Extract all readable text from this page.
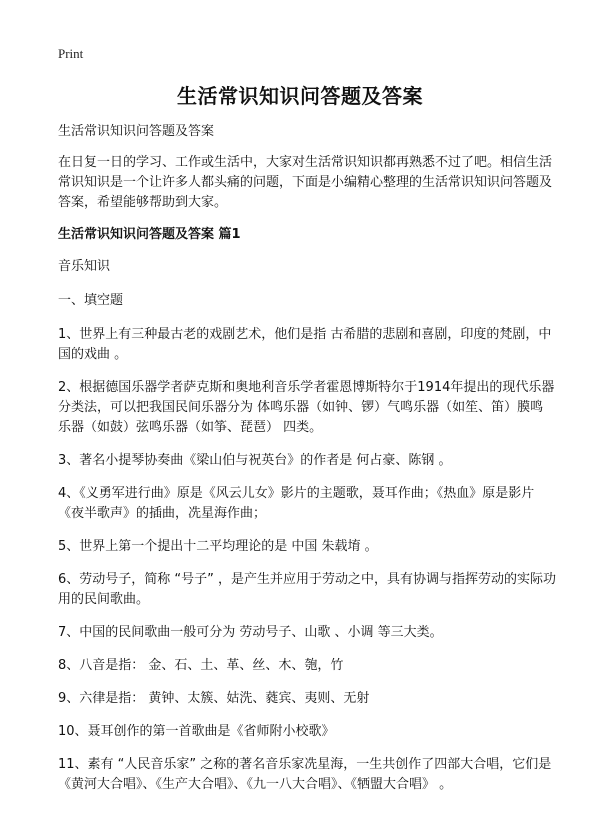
Print
生活常识知识问答题及答案

生活常识知识问答题及答案

在日复一日的学习、工作或生活中，大家对生活常识知识都再熟悉不过了吧。相信生活常识知识是一个让许多人都头痛的问题，下面是小编精心整理的生活常识知识问答题及答案，希望能够帮助到大家。

生活常识知识问答题及答案 篇1

音乐知识

一、填空题

1、世界上有三种最古老的戏剧艺术，他们是指 古希腊的悲剧和喜剧，印度的梵剧，中国的戏曲 。

2、根据德国乐器学者萨克斯和奥地利音乐学者霍恩博斯特尔于1914年提出的现代乐器分类法，可以把我国民间乐器分为 体鸣乐器（如钟、锣）气鸣乐器（如笙、笛）膜鸣乐器（如鼓）弦鸣乐器（如筝、琵琶） 四类。

3、著名小提琴协奏曲《梁山伯与祝英台》的作者是 何占豪、陈钢 。

4、《义勇军进行曲》原是《风云儿女》影片的主题歌，聂耳作曲；《热血》原是影片《夜半歌声》的插曲，冼星海作曲；

5、世界上第一个提出十二平均理论的是 中国 朱载堉 。

6、劳动号子，简称 “号子” ，是产生并应用于劳动之中，具有协调与指挥劳动的实际功用的民间歌曲。

7、中国的民间歌曲一般可分为 劳动号子、山歌 、小调 等三大类。

8、八音是指： 金、石、土、革、丝、木、匏，竹

9、六律是指： 黄钟、太簇、姑洗、蕤宾、夷则、无射

10、聂耳创作的第一首歌曲是《省师附小校歌》

11、素有 “人民音乐家” 之称的著名音乐家冼星海，一生共创作了四部大合唱，它们是《黄河大合唱》、《生产大合唱》、《九一八大合唱》、《牺盟大合唱》 。
